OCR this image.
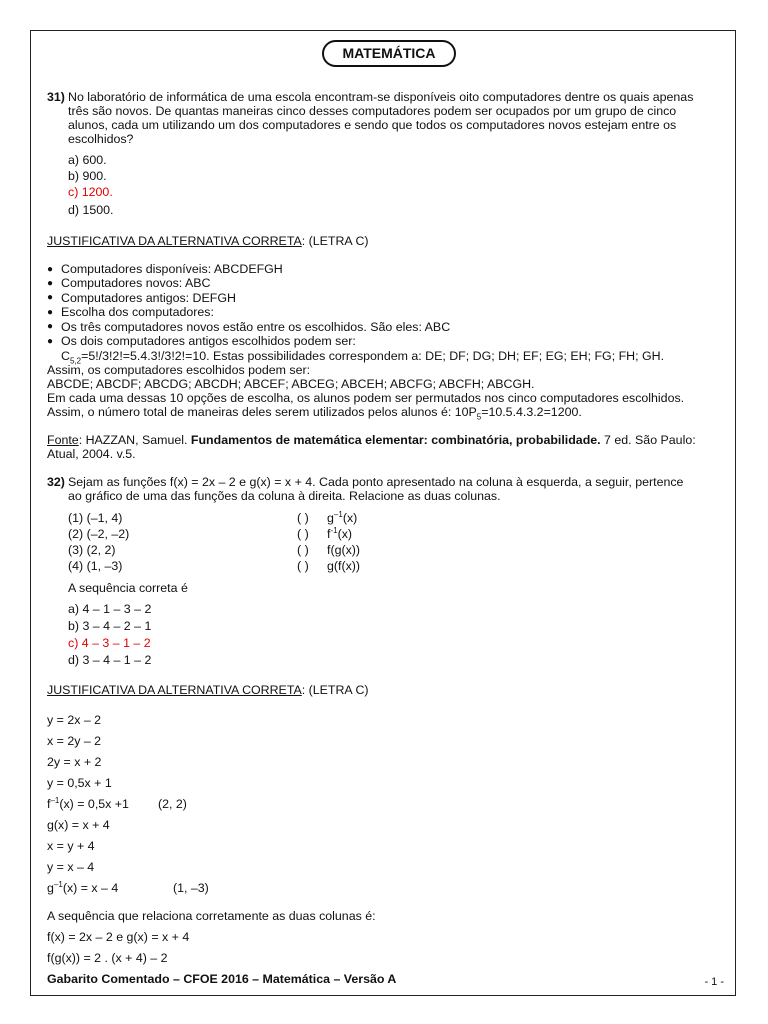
MATEMÁTICA
31) No laboratório de informática de uma escola encontram-se disponíveis oito computadores dentre os quais apenas
três são novos. De quantas maneiras cinco desses computadores podem ser ocupados por um grupo de cinco
alunos, cada um utilizando um dos computadores e sendo que todos os computadores novos estejam entre os
escolhidos?
a) 600.
b) 900.
c) 1200.
d) 1500.
JUSTIFICATIVA DA ALTERNATIVA CORRETA: (LETRA C)
● Computadores disponíveis: ABCDEFGH
● Computadores novos: ABC
● Computadores antigos: DEFGH
● Escolha dos computadores:
● Os três computadores novos estão entre os escolhidos. São eles: ABC
● Os dois computadores antigos escolhidos podem ser:
$C_{5,2}=5!/3!2!=5.4.3!/3!2!=10$. Estas possibilidades correspondem a: DE; DF; DG; DH; EF; EG; EH; FG; FH; GH.
Assim, os computadores escolhidos podem ser:
ABCDE; ABCDF; ABCDG; ABCDH; ABCEF; ABCEG; ABCEH; ABCFG; ABCFH; ABCGH.
Em cada uma dessas 10 opções de escolha, os alunos podem ser permutados nos cinco computadores escolhidos.
Assim, o número total de maneiras deles serem utilizados pelos alunos é: $10P_5=10.5.4.3.2=1200$.
Fonte: HAZZAN, Samuel. Fundamentos de matemática elementar: combinatória, probabilidade. 7 ed. São Paulo:
Atual, 2004. v.5.
32) Sejam as funções f(x) = 2x – 2 e g(x) = x + 4. Cada ponto apresentado na coluna à esquerda, a seguir, pertence
ao gráfico de uma das funções da coluna à direita. Relacione as duas colunas.
(1) (–1, 4)
(2) (–2, –2)
(3) (2, 2)
(4) (1, –3)
( )
( )
( )
( )
$g^{-1}(x)$
$f^{-1}(x)$
f(g(x))
g(f(x))
A sequência correta é
a) 4 – 1 – 3 – 2
b) 3 – 4 – 2 – 1
c) 4 – 3 – 1 – 2
d) 3 – 4 – 1 – 2
JUSTIFICATIVA DA ALTERNATIVA CORRETA: (LETRA C)
y = 2x – 2
x = 2y – 2
2y = x + 2
y = 0,5x + 1
$f^{-1}(x) = 0,5x +1$ (2, 2)
g(x) = x + 4
x = y + 4
y = x – 4
$g^{-1}(x) = x - 4$	(1, –3)
A sequência que relaciona corretamente as duas colunas é:
f(x) = 2x – 2 e g(x) = x + 4
f(g(x)) = 2 . (x + 4) – 2
Gabarito Comentado – CFOE 2016 – Matemática – Versão A	- 1 -
